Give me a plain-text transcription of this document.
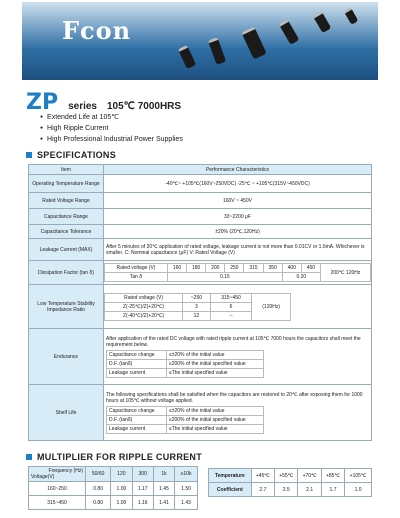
Fcon
ZP series 105℃ 7000HRS
● Extended Life at 105℃
● High Ripple Current
● High Professional Industrial Power Supplies
SPECIFICATIONS
Item	Performance Characteristics
Operating Temperature Range	-40℃~ +105℃(160V~250VDC) -25℃ ~ +105℃(315V~450VDC)
Rated Voltage Range	160V ~ 450V
Capacitance Range	33~2200 μF
Capacitance Tolerance	±20% (20℃,120Hz)
Leakage Current (MAX)	After 5 minutes of 20℃ application of rated voltage, leakage current is not more than 0.01CV or 1.6mA. Whichever is smaller. C: Nominal capacitance (μF) V: Rated Voltage (V)
Dissipation Factor (tan δ)	
Rated voltage (V)	160	180	200	250	315	350	400	450	200℃ 120Hz
Tan δ	0.15	0.20

Low Temperature Stability Impedance Ratio	
Rated voltage (V)	~250	315~450	(120Hz)
Z(-25℃)/Z(+20℃)	3	6
Z(-40℃)/Z(+20℃)	12	--

Endurance	
After application of the rated DC voltage with rated ripple current at 105℃ 7000 hours the capacitors shall meet the requirement below.
Capacitance change	≤±20% of the initial value
D.F. (tanδ)	≤200% of the initial specified value
Leakage current	≤The initial specified value

Shelf Life	
The following specifications shall be satisfied when the capacitors are restored to 20℃ after exposing them for 1000 hours at 105℃ without voltage applied.
Capacitance change	≤±20% of the initial value
D.F. (tanδ)	≤200% of the initial specified value
Leakage current	≤The initial specified value
MULTIPLIER FOR RIPPLE CURRENT
Frequency (Hz)
Voltage(V)	50/60	120	300	1k	≥10k
160~250	0.80	1.00	1.17	1.45	1.50
315~450	0.80	1.00	1.16	1.41	1.43
Temperature	+45℃	+55℃	+70℃	+85℃	+105℃
Coefficient	2.7	2.5	2.1	1.7	1.0
